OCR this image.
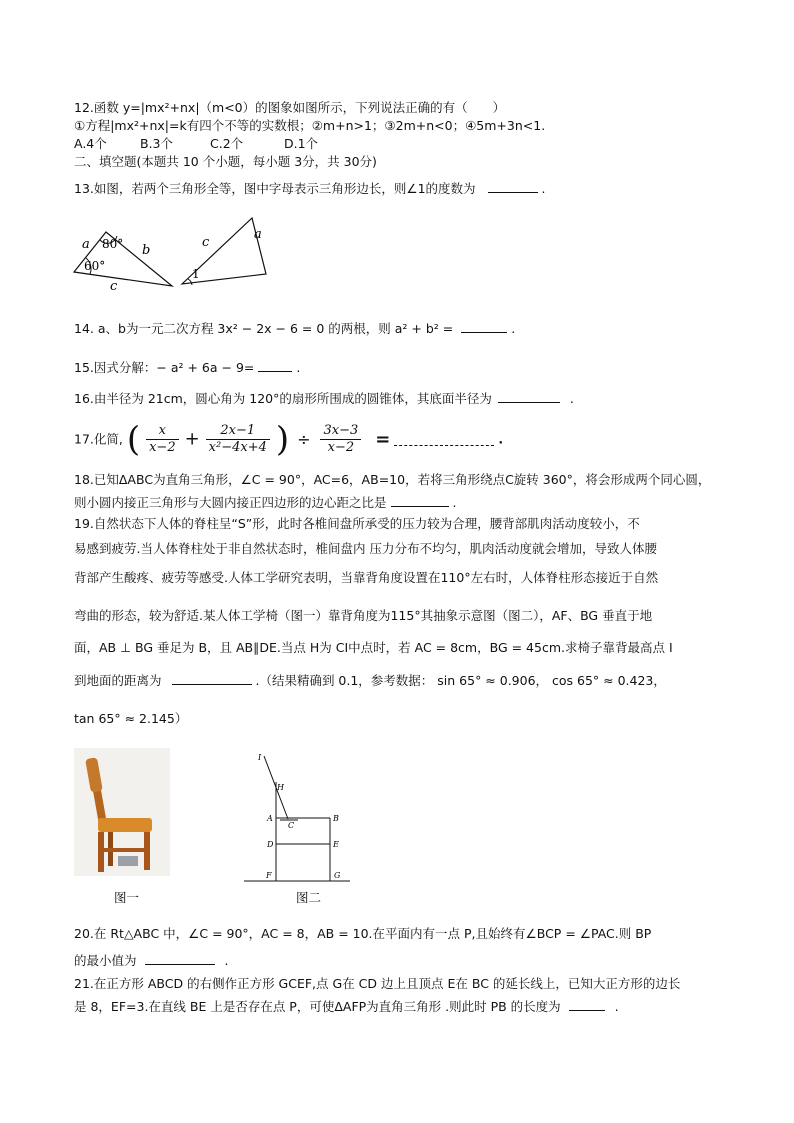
12.函数 y=|mx²+nx|（m<0）的图象如图所示，下列说法正确的有（　　）
①方程|mx²+nx|=k有四个不等的实数根；②m+n>1；③2m+n<0；④5m+3n<1.
A.4个	B.3个	C.2个	D.1个
二、填空题(本题共 10 个小题，每小题 3分，共 30分)
13.如图，若两个三角形全等，图中字母表示三角形边长，则∠1的度数为	.
a 80° b
60°
c
c
a
1
14. a、b为一元二次方程 3x² − 2x − 6 = 0 的两根，则 a² + b² =	.
15.因式分解：− a² + 6a − 9=	.
16.由半径为 21cm，圆心角为 120°的扇形所围成的圆锥体，其底面半径为	.
17.化简, ( $\frac{x}{x-2} + \frac{2x-1}{\text{x²−4x+4}}$ ) ÷ $\frac{3x-3}{x-2}$ =	.
18.已知ΔABC为直角三角形，∠C = 90°，AC=6，AB=10，若将三角形绕点C旋转 360°，将会形成两个同心圆，
则小圆内接正三角形与大圆内接正四边形的边心距之比是	.
19.自然状态下人体的脊柱呈“S”形，此时各椎间盘所承受的压力较为合理，腰背部肌肉活动度较小，不
易感到疲劳.当人体脊柱处于非自然状态时，椎间盘内 压力分布不均匀，肌肉活动度就会增加，导致人体腰
背部产生酸疼、疲劳等感受.人体工学研究表明，当靠背角度设置在110°左右时，人体脊柱形态接近于自然
弯曲的形态，较为舒适.某人体工学椅（图一）靠背角度为115°其抽象示意图（图二），AF、BG 垂直于地
面，AB ⊥ BG 垂足为 B，且 AB∥DE.当点 H为 CI中点时，若 AC = 8cm，BG = 45cm.求椅子靠背最高点 I
到地面的距离为	.（结果精确到 0.1，参考数据： sin 65° ≈ 0.906， cos 65° ≈ 0.423，
tan 65° ≈ 2.145）
图一
I
H
A
C
B
D	E
F	G
图二
20.在 Rt△ABC 中，∠C = 90°，AC = 8，AB = 10.在平面内有一点 P,且始终有∠BCP = ∠PAC.则 BP
的最小值为	.
21.在正方形 ABCD 的右侧作正方形 GCEF,点 G在 CD 边上且顶点 E在 BC 的延长线上，已知大正方形的边长
是 8，EF=3.在直线 BE 上是否存在点 P，可使ΔAFP为直角三角形 .则此时 PB 的长度为	.
